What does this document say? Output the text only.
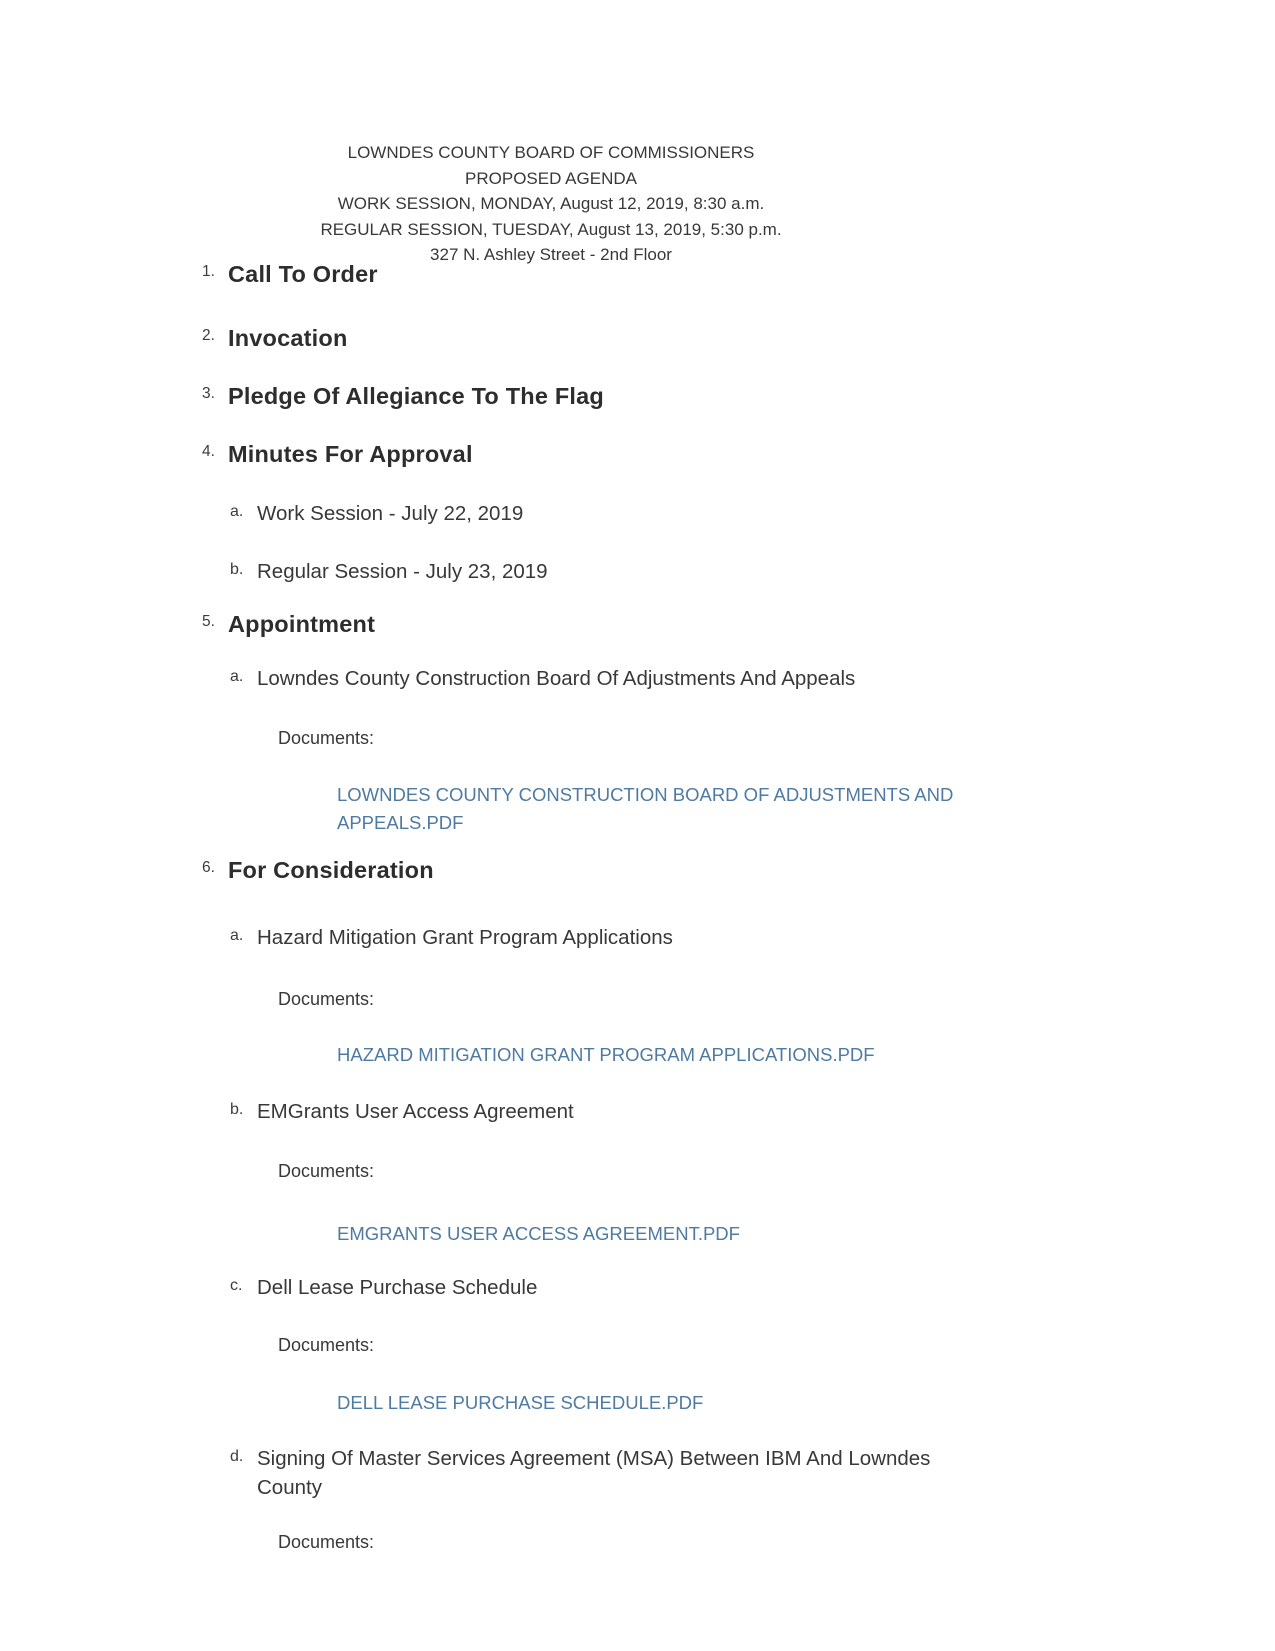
LOWNDES COUNTY BOARD OF COMMISSIONERS
PROPOSED AGENDA
WORK SESSION, MONDAY, August 12, 2019, 8:30 a.m.
REGULAR SESSION, TUESDAY, August 13, 2019, 5:30 p.m.
327 N. Ashley Street - 2nd Floor
1. Call To Order
2. Invocation
3. Pledge Of Allegiance To The Flag
4. Minutes For Approval
a. Work Session - July 22, 2019
b. Regular Session - July 23, 2019
5. Appointment
a. Lowndes County Construction Board Of Adjustments And Appeals
Documents:
LOWNDES COUNTY CONSTRUCTION BOARD OF ADJUSTMENTS AND APPEALS.PDF
6. For Consideration
a. Hazard Mitigation Grant Program Applications
Documents:
HAZARD MITIGATION GRANT PROGRAM APPLICATIONS.PDF
b. EMGrants User Access Agreement
Documents:
EMGRANTS USER ACCESS AGREEMENT.PDF
c. Dell Lease Purchase Schedule
Documents:
DELL LEASE PURCHASE SCHEDULE.PDF
d. Signing Of Master Services Agreement (MSA) Between IBM And Lowndes County
Documents:
